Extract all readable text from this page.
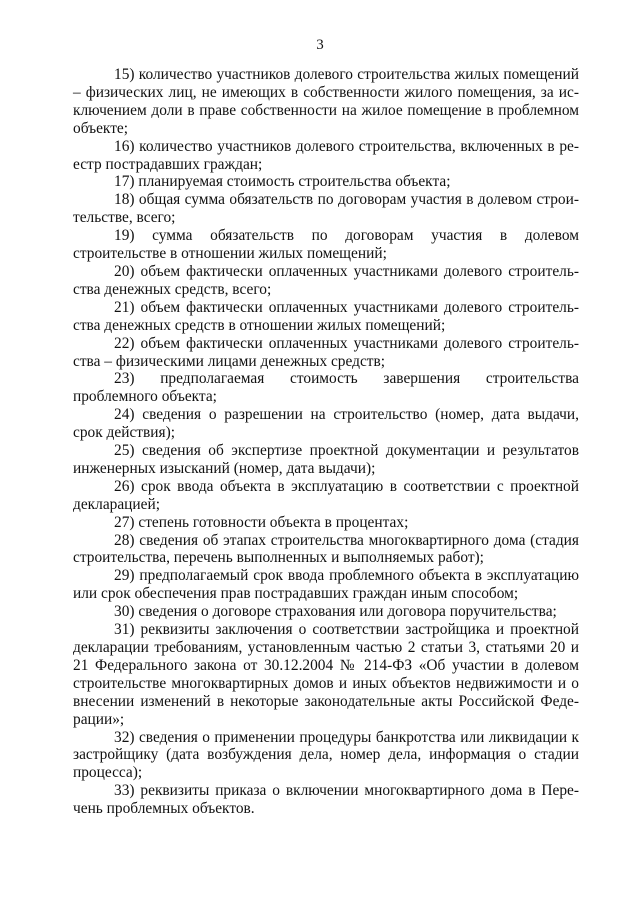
3

15) количество участников долевого строительства жилых помещений – физических лиц, не имеющих в собственности жилого помещения, за исключением доли в праве собственности на жилое помещение в проблемном объекте;

16) количество участников долевого строительства, включенных в реестр пострадавших граждан;

17) планируемая стоимость строительства объекта;

18) общая сумма обязательств по договорам участия в долевом строительстве, всего;

19) сумма обязательств по договорам участия в долевом строительстве в отношении жилых помещений;

20) объем фактически оплаченных участниками долевого строительства денежных средств, всего;

21) объем фактически оплаченных участниками долевого строительства денежных средств в отношении жилых помещений;

22) объем фактически оплаченных участниками долевого строительства – физическими лицами денежных средств;

23) предполагаемая стоимость завершения строительства проблемного объекта;

24) сведения о разрешении на строительство (номер, дата выдачи, срок действия);

25) сведения об экспертизе проектной документации и результатов инженерных изысканий (номер, дата выдачи);

26) срок ввода объекта в эксплуатацию в соответствии с проектной декларацией;

27) степень готовности объекта в процентах;

28) сведения об этапах строительства многоквартирного дома (стадия строительства, перечень выполненных и выполняемых работ);

29) предполагаемый срок ввода проблемного объекта в эксплуатацию или срок обеспечения прав пострадавших граждан иным способом;

30) сведения о договоре страхования или договора поручительства;

31) реквизиты заключения о соответствии застройщика и проектной декларации требованиям, установленным частью 2 статьи 3, статьями 20 и 21 Федерального закона от 30.12.2004 № 214-ФЗ «Об участии в долевом строительстве многоквартирных домов и иных объектов недвижимости и о внесении изменений в некоторые законодательные акты Российской Федерации»;

32) сведения о применении процедуры банкротства или ликвидации к застройщику (дата возбуждения дела, номер дела, информация о стадии процесса);

33) реквизиты приказа о включении многоквартирного дома в Перечень проблемных объектов.
